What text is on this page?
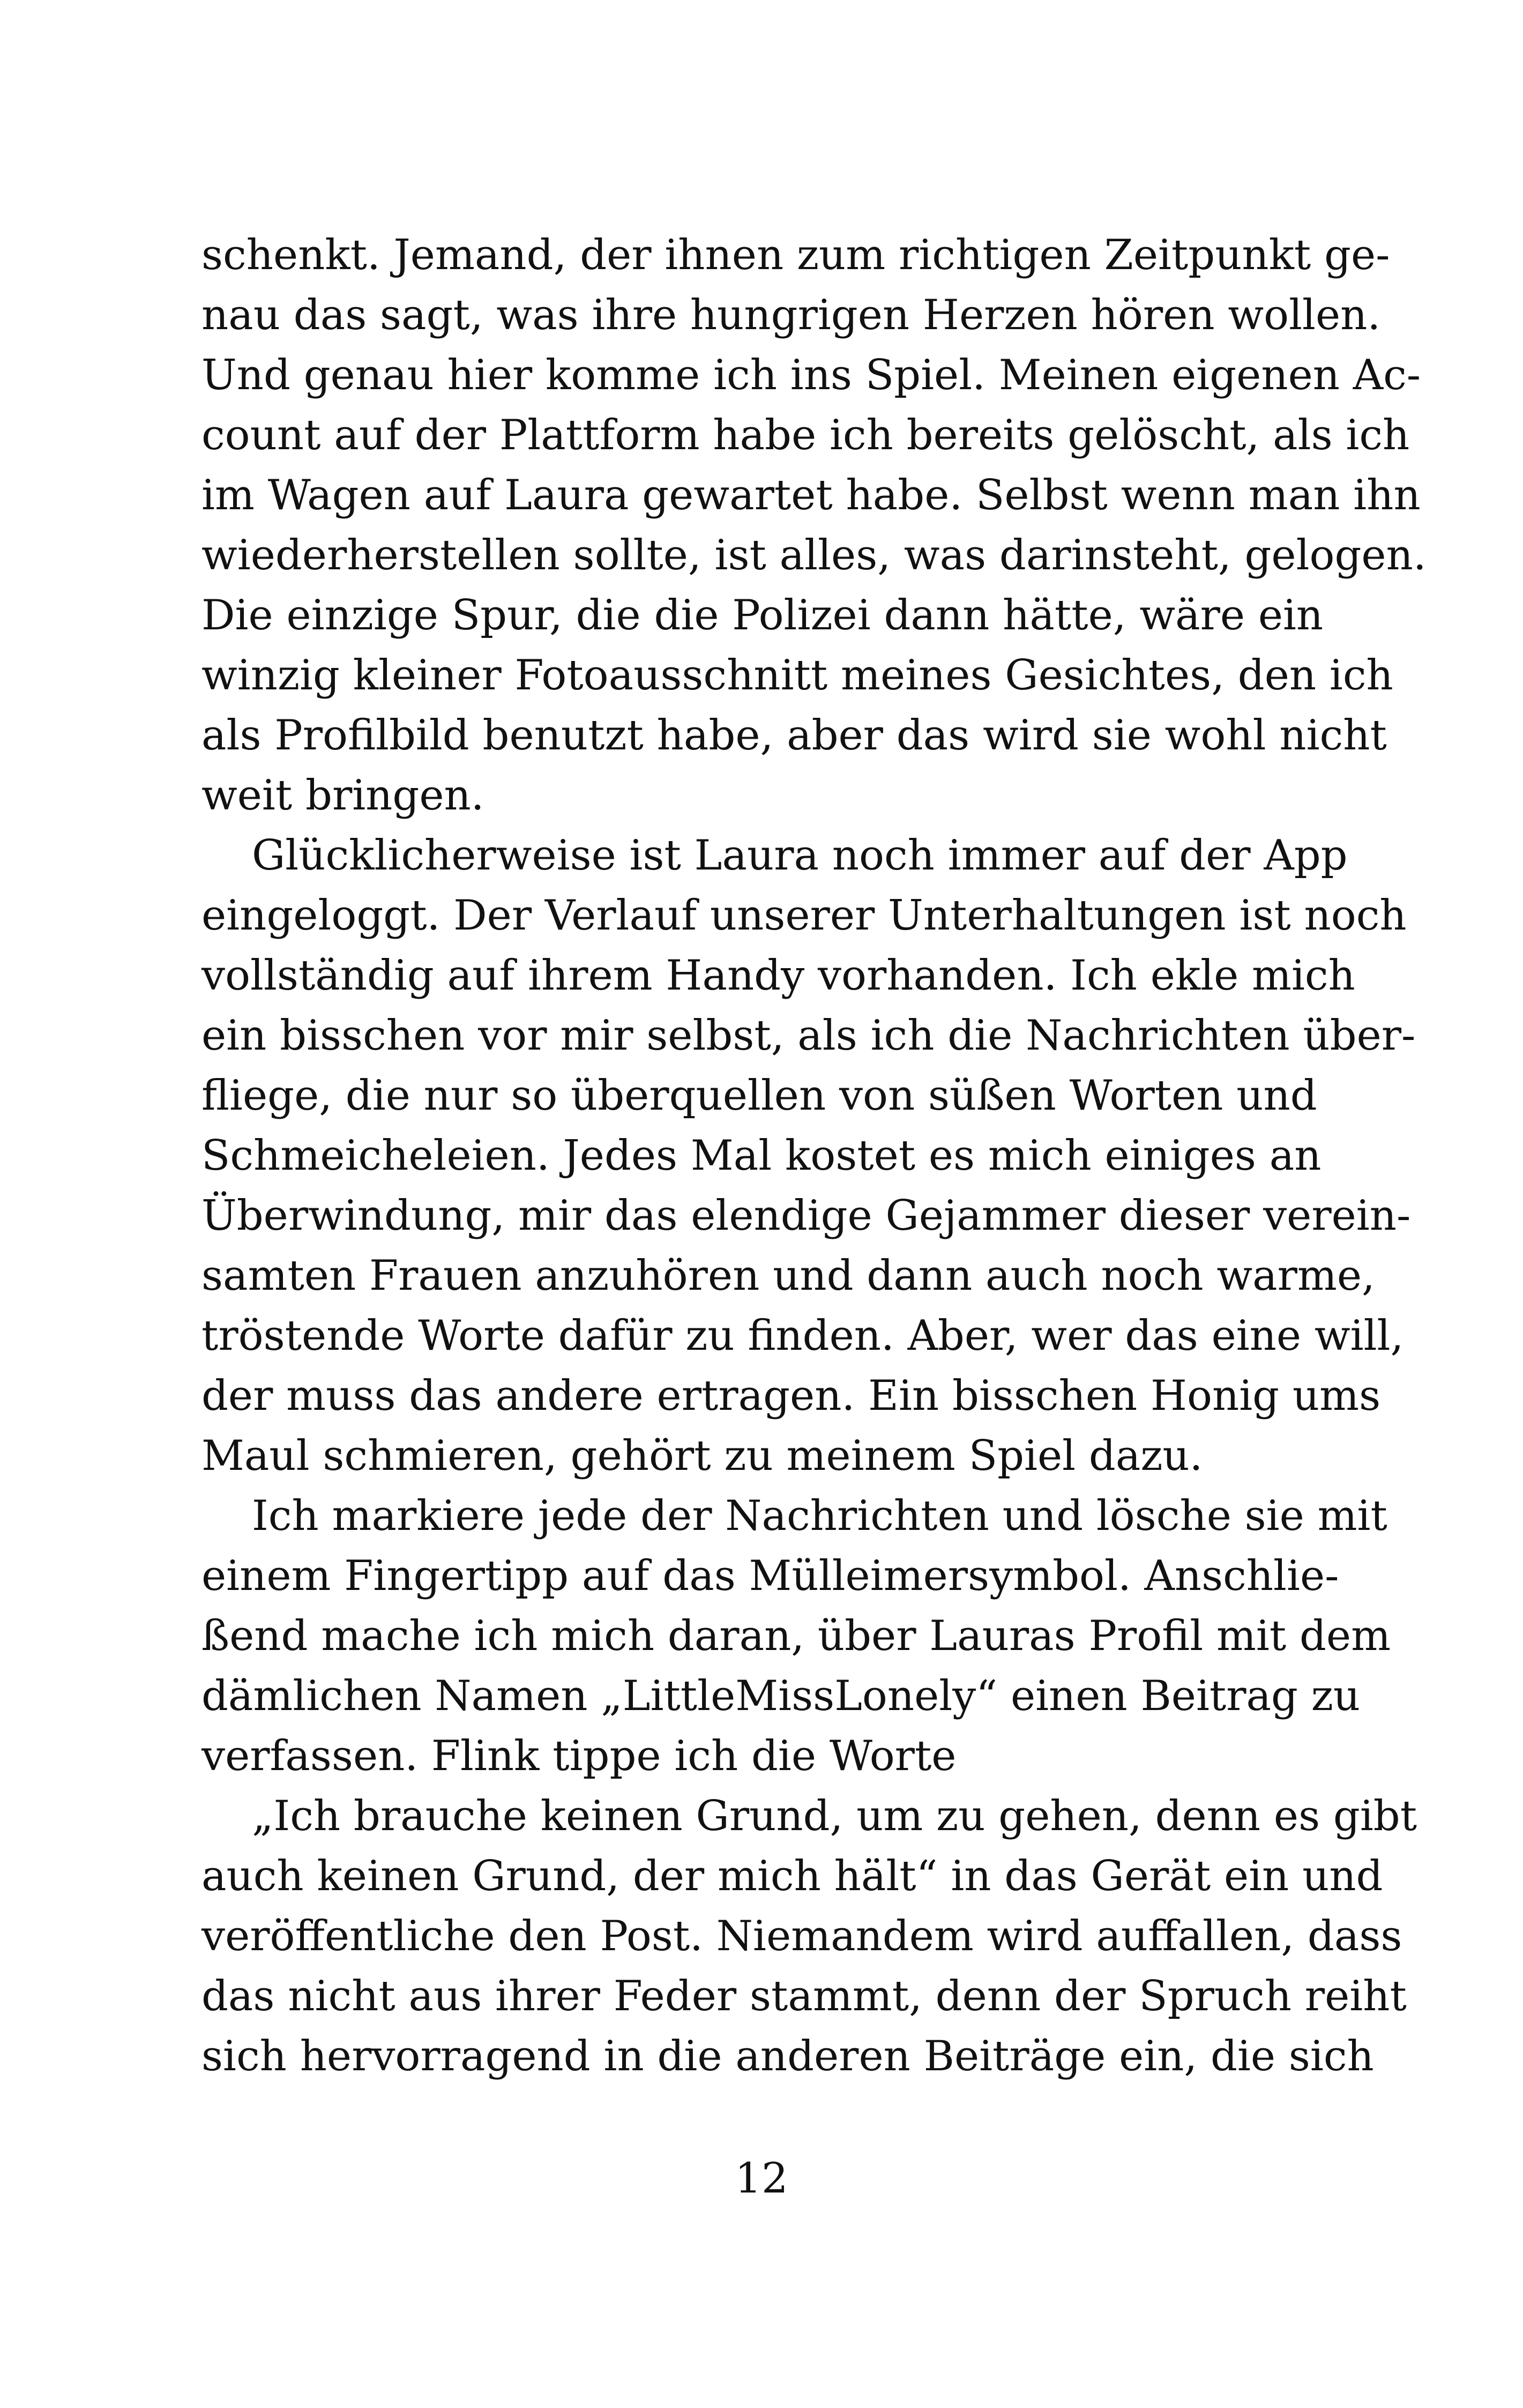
schenkt. Jemand, der ihnen zum richtigen Zeitpunkt ge-
nau das sagt, was ihre hungrigen Herzen hören wollen.
Und genau hier komme ich ins Spiel. Meinen eigenen Ac-
count auf der Plattform habe ich bereits gelöscht, als ich
im Wagen auf Laura gewartet habe. Selbst wenn man ihn
wiederherstellen sollte, ist alles, was darinsteht, gelogen.
Die einzige Spur, die die Polizei dann hätte, wäre ein
winzig kleiner Fotoausschnitt meines Gesichtes, den ich
als Profilbild benutzt habe, aber das wird sie wohl nicht
weit bringen.
Glücklicherweise ist Laura noch immer auf der App
eingeloggt. Der Verlauf unserer Unterhaltungen ist noch
vollständig auf ihrem Handy vorhanden. Ich ekle mich
ein bisschen vor mir selbst, als ich die Nachrichten über-
fliege, die nur so überquellen von süßen Worten und
Schmeicheleien. Jedes Mal kostet es mich einiges an
Überwindung, mir das elendige Gejammer dieser verein-
samten Frauen anzuhören und dann auch noch warme,
tröstende Worte dafür zu finden. Aber, wer das eine will,
der muss das andere ertragen. Ein bisschen Honig ums
Maul schmieren, gehört zu meinem Spiel dazu.
Ich markiere jede der Nachrichten und lösche sie mit
einem Fingertipp auf das Mülleimersymbol. Anschlie-
ßend mache ich mich daran, über Lauras Profil mit dem
dämlichen Namen „LittleMissLonely“ einen Beitrag zu
verfassen. Flink tippe ich die Worte
„Ich brauche keinen Grund, um zu gehen, denn es gibt
auch keinen Grund, der mich hält“ in das Gerät ein und
veröffentliche den Post. Niemandem wird auffallen, dass
das nicht aus ihrer Feder stammt, denn der Spruch reiht
sich hervorragend in die anderen Beiträge ein, die sich
12
